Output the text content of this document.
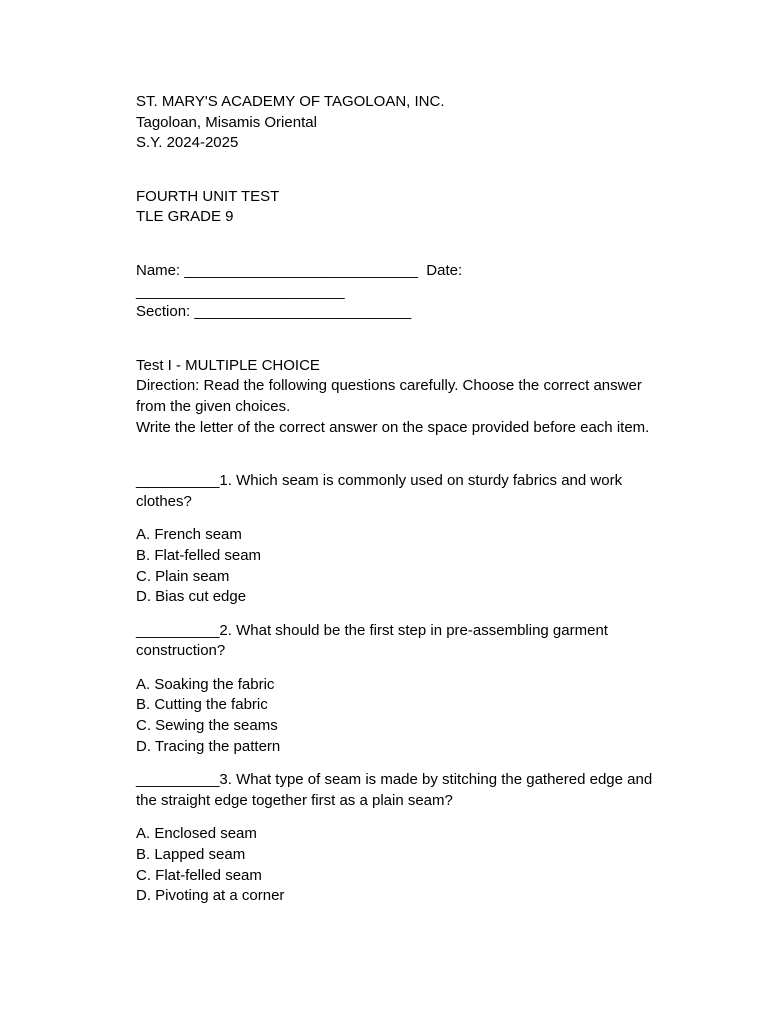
ST. MARY'S ACADEMY OF TAGOLOAN, INC.
Tagoloan, Misamis Oriental
S.Y. 2024-2025
FOURTH UNIT TEST
TLE GRADE 9
Name: ____________________________  Date:
_________________________
Section: __________________________
Test I - MULTIPLE CHOICE
Direction: Read the following questions carefully. Choose the correct answer from the given choices.
Write the letter of the correct answer on the space provided before each item.
__________1. Which seam is commonly used on sturdy fabrics and work clothes?
A. French seam
B. Flat-felled seam
C. Plain seam
D. Bias cut edge
__________2. What should be the first step in pre-assembling garment construction?
A. Soaking the fabric
B. Cutting the fabric
C. Sewing the seams
D. Tracing the pattern
__________3. What type of seam is made by stitching the gathered edge and the straight edge together first as a plain seam?
A. Enclosed seam
B. Lapped seam
C. Flat-felled seam
D. Pivoting at a corner
